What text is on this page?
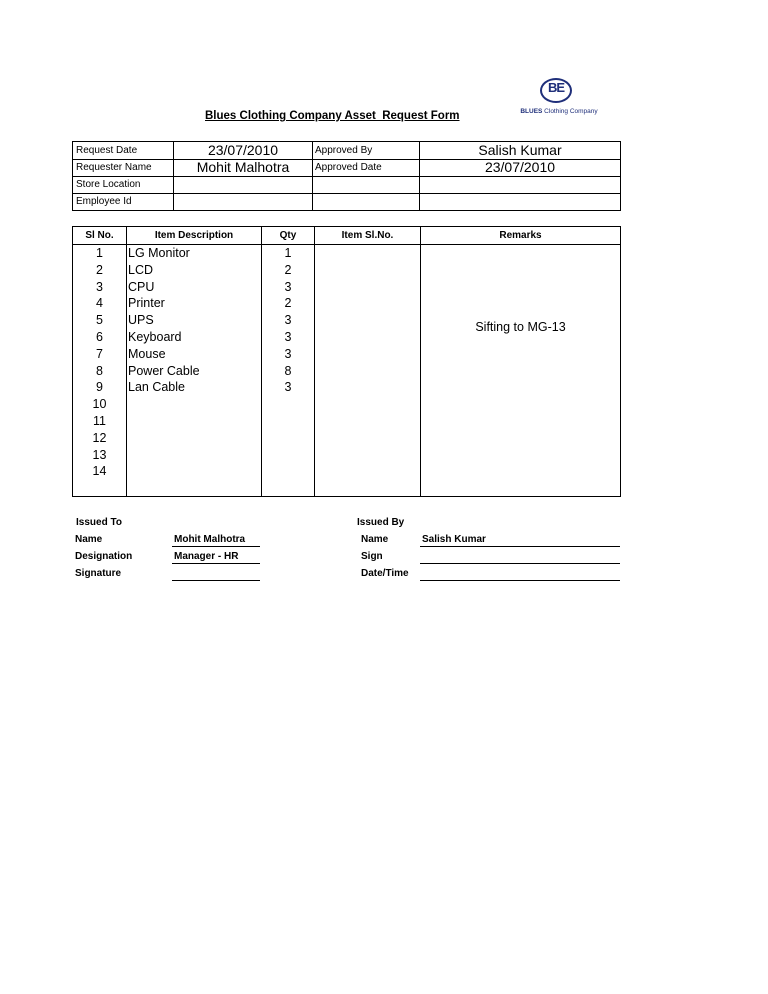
BE
BLUES Clothing Company
Blues Clothing Company Asset  Request Form
Request Date	23/07/2010	Approved By	Salish Kumar
Requester Name	Mohit Malhotra	Approved Date	23/07/2010
Store Location
Employee Id
Sl No.	Item Description	Qty	Item Sl.No.	Remarks
1	LG Monitor	1
2	LCD	2
3	CPU	3
4	Printer	2
5	UPS	3
6	Keyboard	3
7	Mouse	3
8	Power Cable	8
9	Lan Cable	3
10
11
12
13
14
Sifting to MG-13
Issued To
Name	Mohit Malhotra
Designation	Manager - HR
Signature
Issued By
Name	Salish Kumar
Sign
Date/Time
